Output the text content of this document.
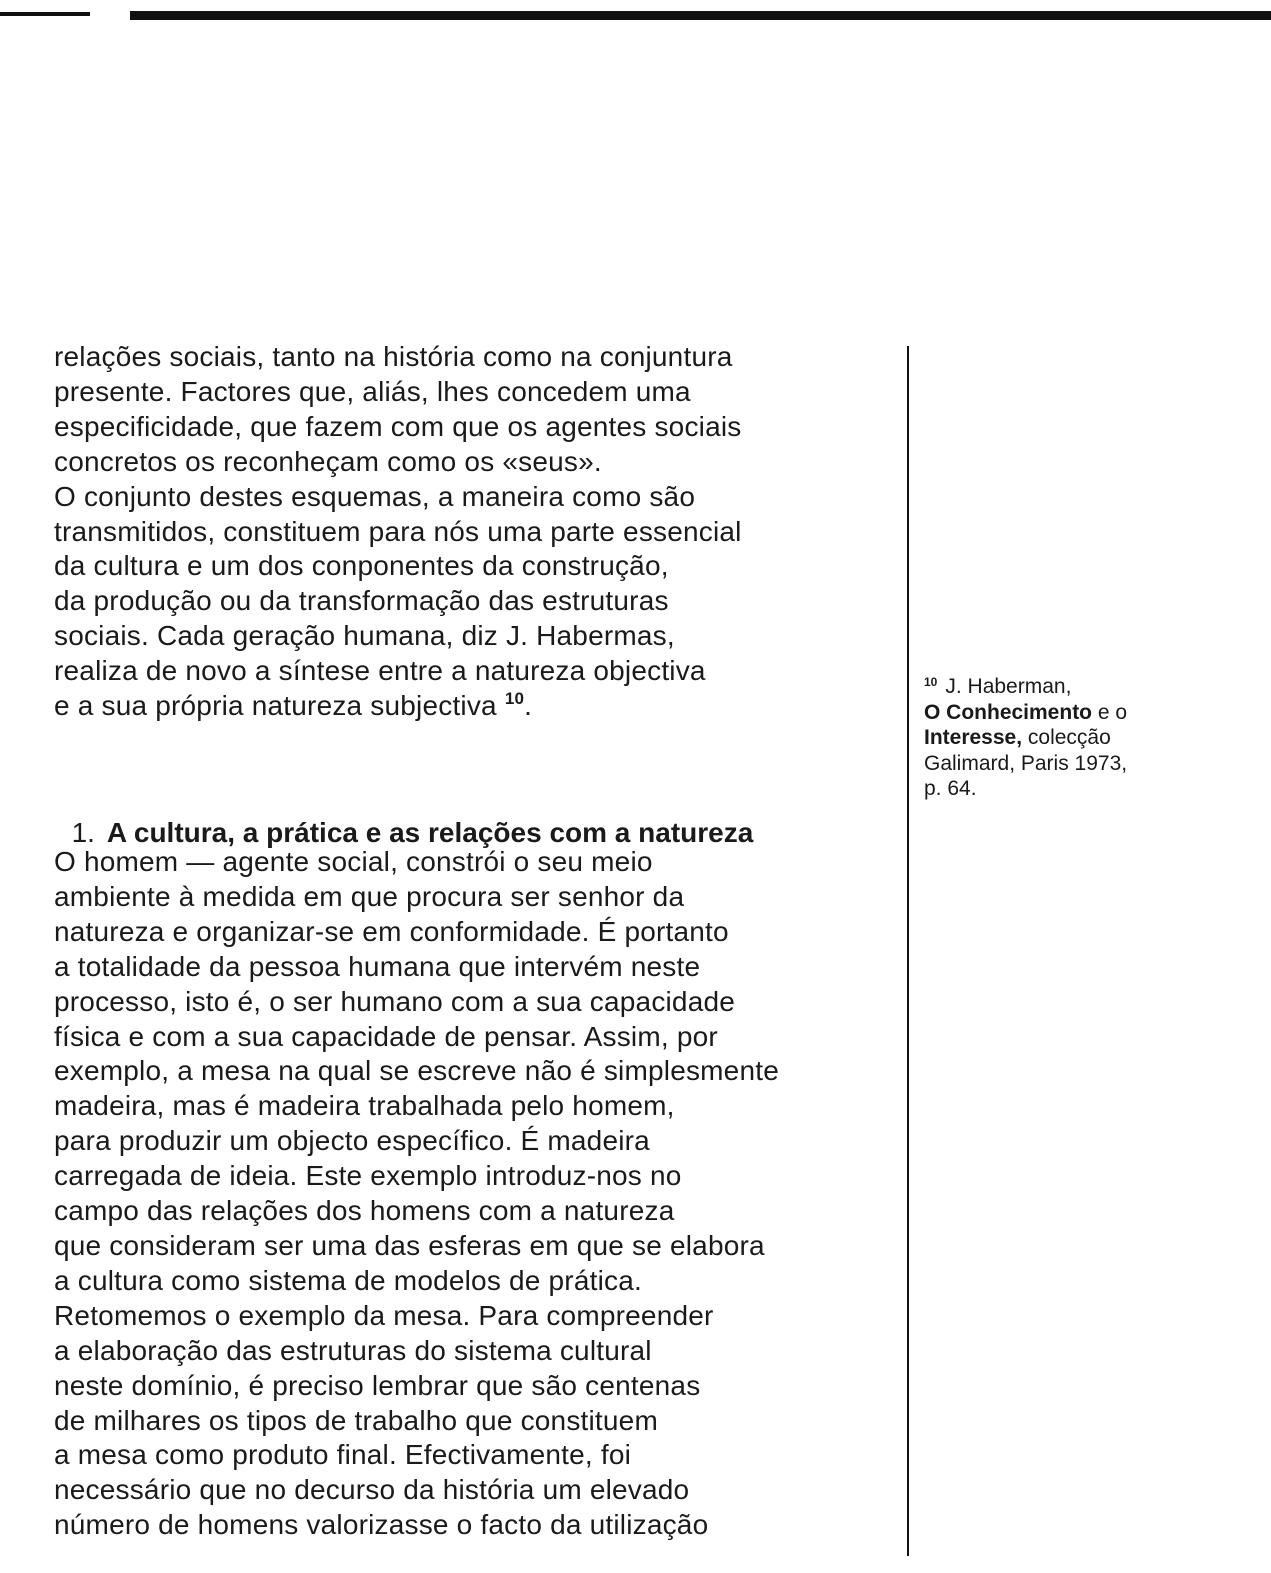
relações sociais, tanto na história como na conjuntura
presente. Factores que, aliás, lhes concedem uma
especificidade, que fazem com que os agentes sociais
concretos os reconheçam como os «seus».
O conjunto destes esquemas, a maneira como são
transmitidos, constituem para nós uma parte essencial
da cultura e um dos conponentes da construção,
da produção ou da transformação das estruturas
sociais. Cada geração humana, diz J. Habermas,
realiza de novo a síntese entre a natureza objectiva
e a sua própria natureza subjectiva $^{10}$.

1. A cultura, a prática e as relações com a natureza

O homem — agente social, constrói o seu meio
ambiente à medida em que procura ser senhor da
natureza e organizar-se em conformidade. É portanto
a totalidade da pessoa humana que intervém neste
processo, isto é, o ser humano com a sua capacidade
física e com a sua capacidade de pensar. Assim, por
exemplo, a mesa na qual se escreve não é simplesmente
madeira, mas é madeira trabalhada pelo homem,
para produzir um objecto específico. É madeira
carregada de ideia. Este exemplo introduz-nos no
campo das relações dos homens com a natureza
que consideram ser uma das esferas em que se elabora
a cultura como sistema de modelos de prática.
Retomemos o exemplo da mesa. Para compreender
a elaboração das estruturas do sistema cultural
neste domínio, é preciso lembrar que são centenas
de milhares os tipos de trabalho que constituem
a mesa como produto final. Efectivamente, foi
necessário que no decurso da história um elevado
número de homens valorizasse o facto da utilização
$^{10}$ J. Haberman,
O Conhecimento e o
Interesse, colecção
Galimard, Paris 1973,
p. 64.
